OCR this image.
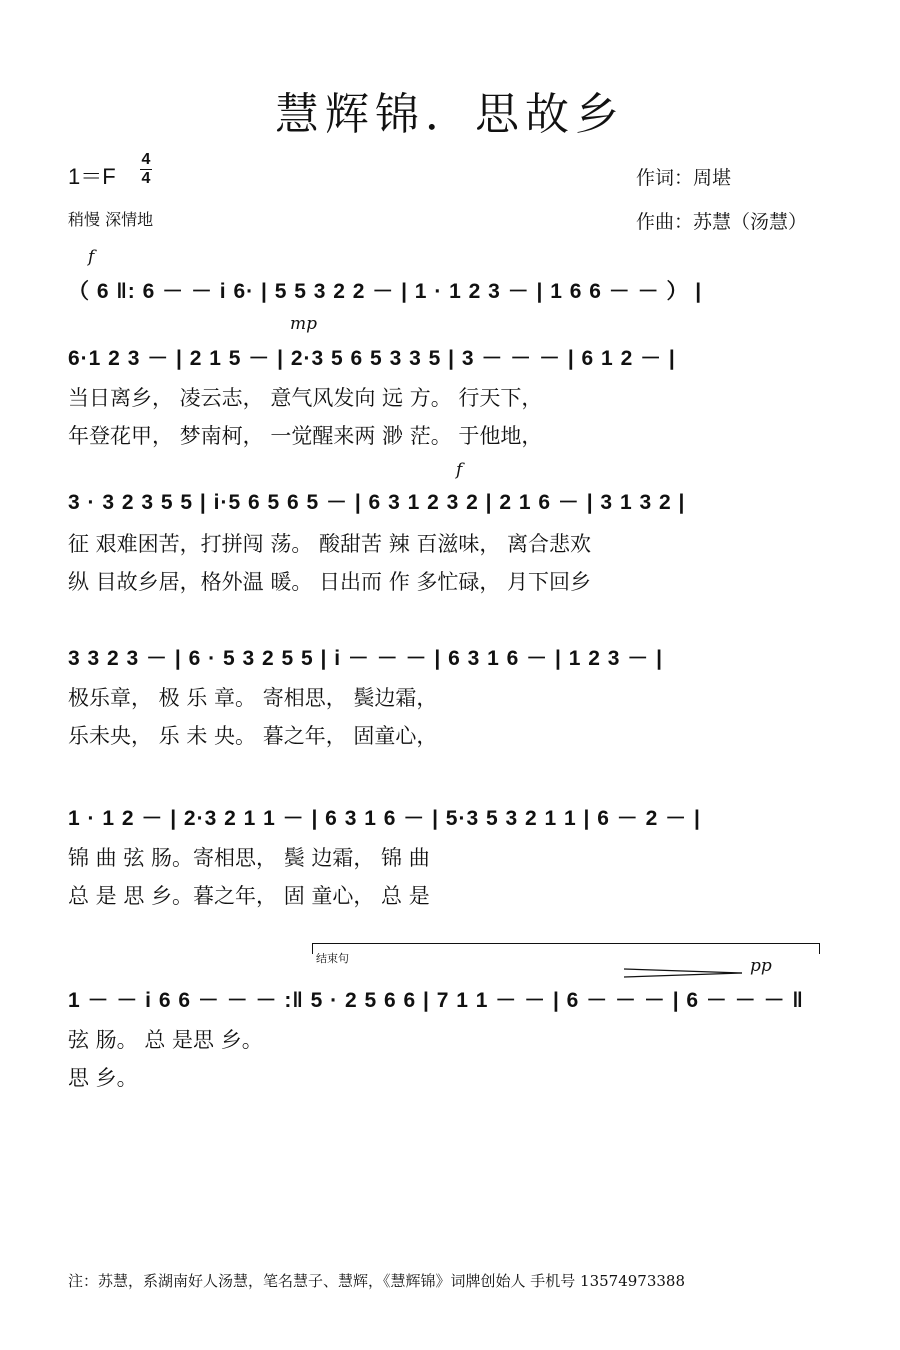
慧辉锦．思故乡
1＝F
4
4
稍慢 深情地
作词：周堪
作曲：苏慧（汤慧）
f
（ 6 ‖: 6 － － i 6· | 5 5 3 2 2 － | 1 · 1 2 3 － | 1 6 6 － － ） |
mp
6·1 2 3 － | 2 1 5 － | 2·3 5 6 5 3 3 5 | 3 － － － | 6 1 2 － |
当日离乡， 凌云志， 意气风发向 远 方。 行天下，
年登花甲， 梦南柯， 一觉醒来两 渺 茫。 于他地，
f
3 · 3 2 3 5 5 | i·5 6 5 6 5 － | 6 3 1 2 3 2 | 2 1 6 － | 3 1 3 2 |
征 艰难困苦，打拼闯 荡。 酸甜苦 辣 百滋味， 离合悲欢
纵 目故乡居，格外温 暖。 日出而 作 多忙碌， 月下回乡
3 3 2 3 － | 6 · 5 3 2 5 5 | i － － － | 6 3 1 6 － | 1 2 3 － |
极乐章， 极 乐 章。 寄相思， 鬓边霜，
乐未央， 乐 未 央。 暮之年， 固童心，
1 · 1 2 － | 2·3 2 1 1 － | 6 3 1 6 － | 5·3 5 3 2 1 1 | 6 － 2 － |
锦 曲 弦 肠。寄相思， 鬓 边霜， 锦 曲
总 是 思 乡。暮之年， 固 童心， 总 是
结束句	pp
1 － － i 6 6 － － － :‖ 5 · 2 5 6 6 | 7 1 1 － － | 6 － － － | 6 － － － ‖
弦 肠。 总 是思 乡。
思 乡。
注：苏慧，系湖南好人汤慧，笔名慧子、慧辉，《慧辉锦》词牌创始人 手机号 13574973388
